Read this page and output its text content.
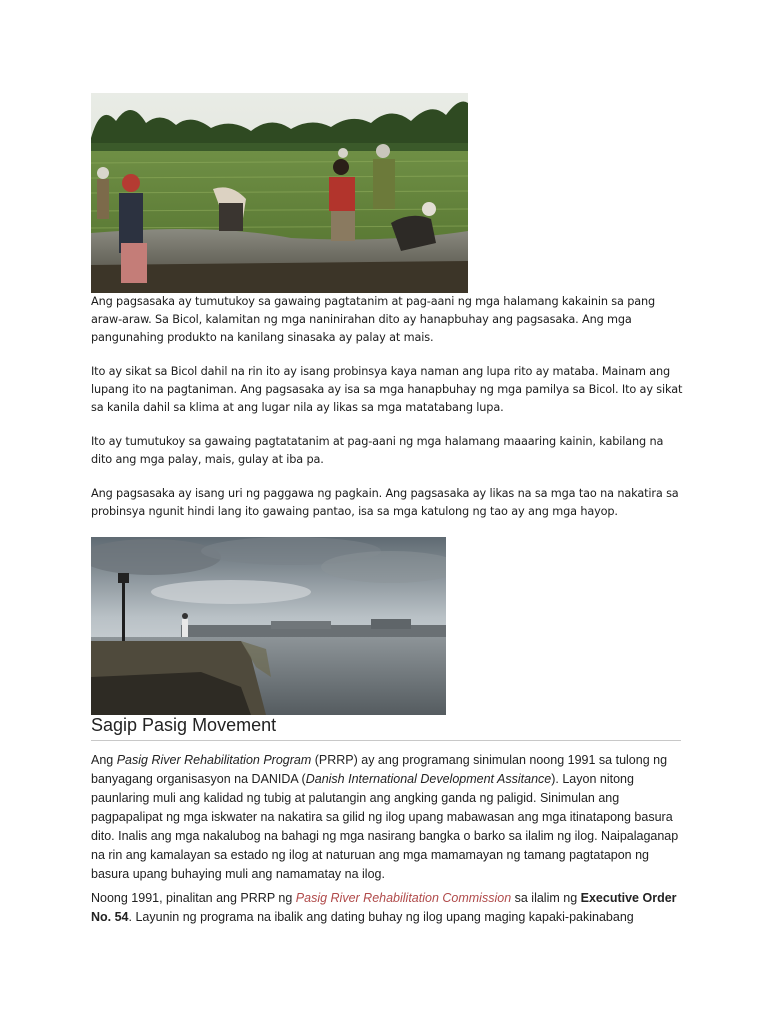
Ang pagsasaka ay tumutukoy sa gawaing pagtatanim at pag-aani ng mga halamang kakainin sa pang araw-araw. Sa Bicol, kalamitan ng mga naninirahan dito ay hanapbuhay ang pagsasaka. Ang mga pangunahing produkto na kanilang sinasaka ay palay at mais.

Ito ay sikat sa Bicol dahil na rin ito ay isang probinsya kaya naman ang lupa rito ay mataba. Mainam ang lupang ito na pagtaniman. Ang pagsasaka ay isa sa mga hanapbuhay ng mga pamilya sa Bicol. Ito ay sikat sa kanila dahil sa klima at ang lugar nila ay likas sa mga matatabang lupa.

Ito ay tumutukoy sa gawaing pagtatatanim at pag-aani ng mga halamang maaaring kainin, kabilang na dito ang mga palay, mais, gulay at iba pa.

Ang pagsasaka ay isang uri ng paggawa ng pagkain. Ang pagsasaka ay likas na sa mga tao na nakatira sa probinsya ngunit hindi lang ito gawaing pantao, isa sa mga katulong ng tao ay ang mga hayop.

Sagip Pasig Movement

Ang Pasig River Rehabilitation Program (PRRP) ay ang programang sinimulan noong 1991 sa tulong ng banyagang organisasyon na DANIDA (Danish International Development Assitance). Layon nitong paunlaring muli ang kalidad ng tubig at palutangin ang angking ganda ng paligid. Sinimulan ang pagpapalipat ng mga iskwater na nakatira sa gilid ng ilog upang mabawasan ang mga itinatapong basura dito. Inalis ang mga nakalubog na bahagi ng mga nasirang bangka o barko sa ilalim ng ilog. Naipalaganap na rin ang kamalayan sa estado ng ilog at naturuan ang mga mamamayan ng tamang pagtatapon ng basura upang buhaying muli ang namamatay na ilog.

Noong 1991, pinalitan ang PRRP ng Pasig River Rehabilitation Commission sa ilalim ng Executive Order No. 54. Layunin ng programa na ibalik ang dating buhay ng ilog upang maging kapaki-pakinabang
